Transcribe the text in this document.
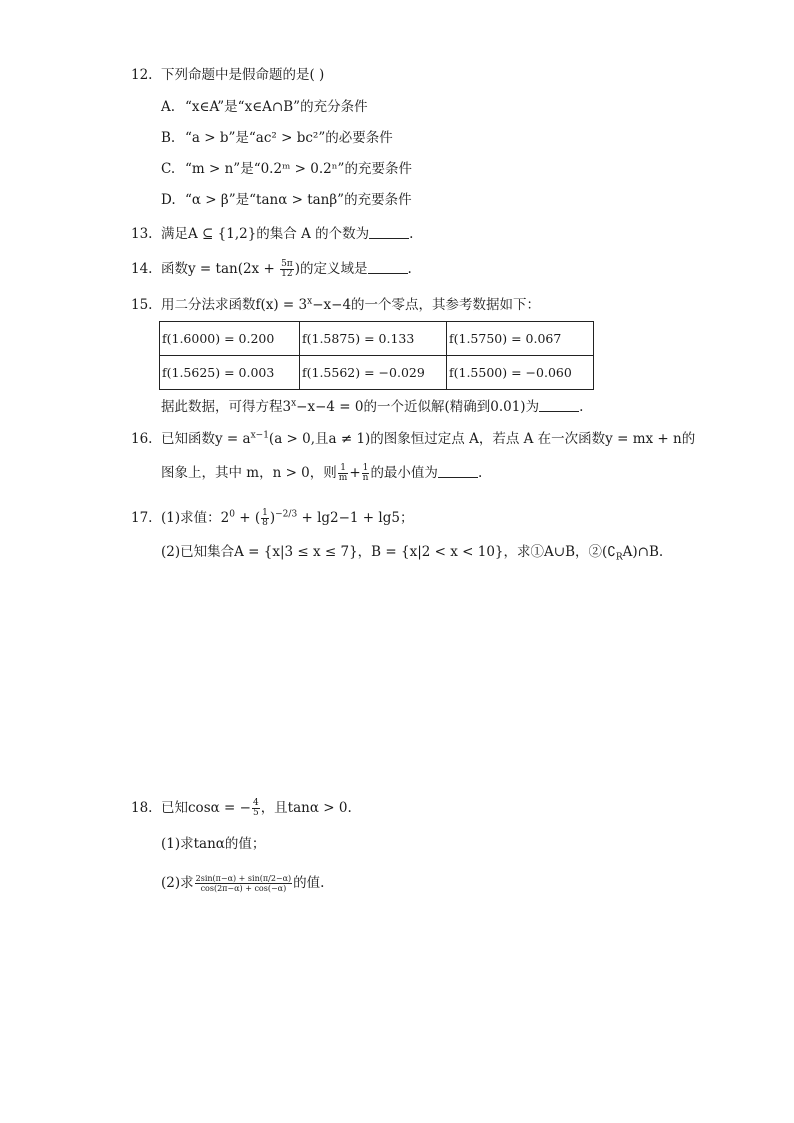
12. 下列命题中是假命题的是( )
A. “x∈A”是“x∈A∩B”的充分条件
B. “a > b”是“ac² > bc²”的必要条件
C. “m > n”是“0.2ᵐ > 0.2ⁿ”的充要条件
D. “α > β”是“tanα > tanβ”的充要条件
13. 满足A ⊆ {1,2}的集合 A 的个数为	.
14. 函数$y = \tan(2x + \frac{5\pi}{12}$ )的定义域是	.
15. 用二分法求函数$f(x) = 3^x-x-4$的一个零点，其参考数据如下：
f(1.6000) = 0.200	f(1.5875) = 0.133	f(1.5750) = 0.067
f(1.5625) = 0.003	f(1.5562) = −0.029	f(1.5500) = −0.060
据此数据，可得方程$3^x-x-4 = 0$的一个近似解(精确到0.01)为	.
16. 已知函数$y = a^{x-1}(a > 0$,且a ≠ 1)的图象恒过定点 A，若点 A 在一次函数y = mx + n的
图象上，其中 m，n > 0，则 $\frac{1}{m} + \frac{1}{n}$ 的最小值为	.
17. (1)求值：$2^0$ + ( $\frac{1}{8} )^{-2/3} + \lg 2-1 + \lg 5$；
(2)已知集合A = {x|3 ≤ x ≤ 7}，B = {x|2 < x < 10}，求①A∪B，$②(∁_RA)\cap B$.
18. 已知cosα = − $\frac{4}{5}$ ，且tanα > 0.
(1)求tanα的值；
(2)求 $\frac{2\sin(\pi-\alpha) + \sin(\pi/2-\alpha)}{\cos(2\pi-\alpha) + \cos(-\alpha)}$ 的值.
